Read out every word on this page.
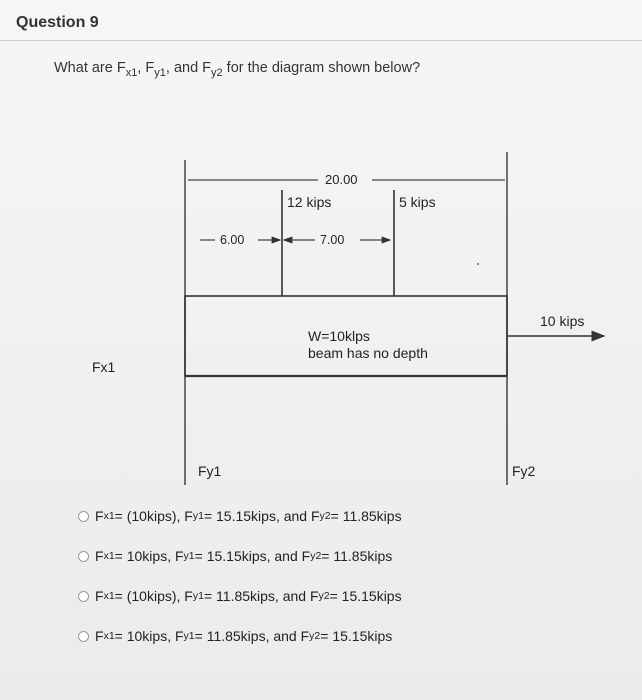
Question 9
What are $F_{x1}$, $F_{y1}$, and $F_{y2}$ for the diagram shown below?
20.00
12 kips	5 kips
6.00	7.00
W=10klps
beam has no depth
10 kips
Fx1
Fy1	Fy2
F x1 = (10kips), F y1 = 15.15kips, and F y2 = 11.85kips
F x1 = 10kips, F y1 = 15.15kips, and F y2 = 11.85kips
F x1 = (10kips), F y1 = 11.85kips, and F y2 = 15.15kips
F x1 = 10kips, F y1 = 11.85kips, and F y2 = 15.15kips
